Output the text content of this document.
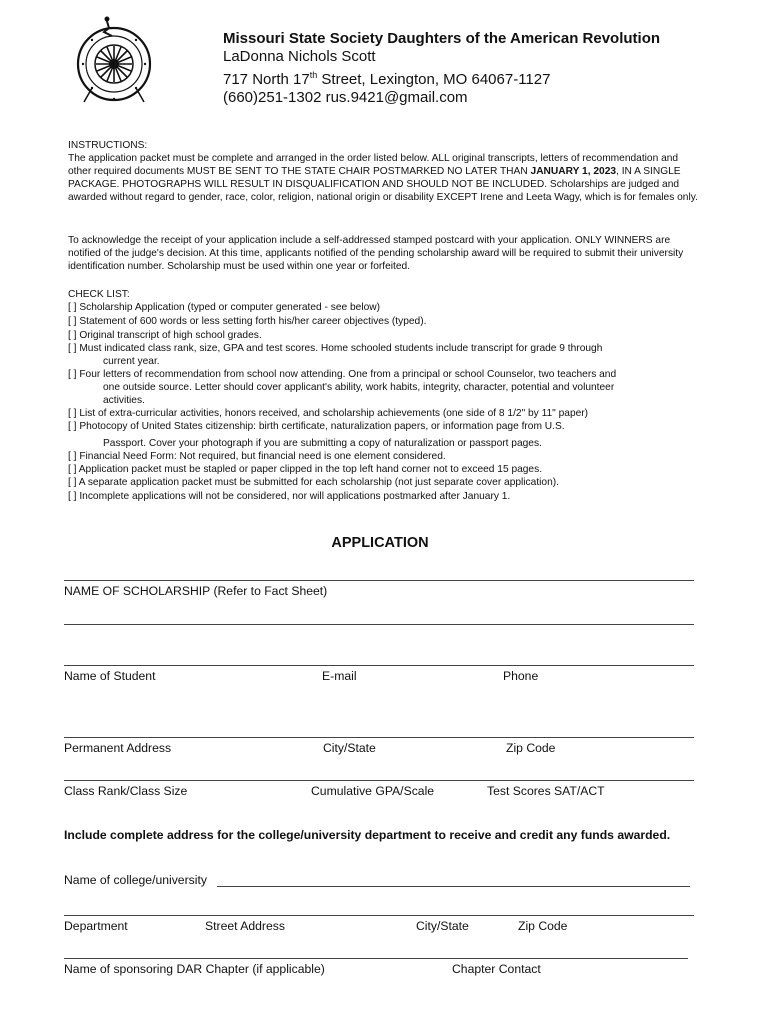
Missouri State Society Daughters of the American Revolution
LaDonna Nichols Scott
717 North 17th Street, Lexington, MO 64067-1127
(660)251-1302 rus.9421@gmail.com
INSTRUCTIONS:
The application packet must be complete and arranged in the order listed below. ALL original transcripts, letters of recommendation and other required documents MUST BE SENT TO THE STATE CHAIR POSTMARKED NO LATER THAN JANUARY 1, 2023, IN A SINGLE PACKAGE. PHOTOGRAPHS WILL RESULT IN DISQUALIFICATION AND SHOULD NOT BE INCLUDED. Scholarships are judged and awarded without regard to gender, race, color, religion, national origin or disability EXCEPT Irene and Leeta Wagy, which is for females only.
To acknowledge the receipt of your application include a self-addressed stamped postcard with your application. ONLY WINNERS are notified of the judge's decision. At this time, applicants notified of the pending scholarship award will be required to submit their university identification number. Scholarship must be used within one year or forfeited.
CHECK LIST:
[ ] Scholarship Application (typed or computer generated - see below)
[ ] Statement of 600 words or less setting forth his/her career objectives (typed).
[ ] Original transcript of high school grades.
[ ] Must indicated class rank, size, GPA and test scores. Home schooled students include transcript for grade 9 through
current year.
[ ] Four letters of recommendation from school now attending. One from a principal or school Counselor, two teachers and
one outside source. Letter should cover applicant's ability, work habits, integrity, character, potential and volunteer
activities.
[ ] List of extra-curricular activities, honors received, and scholarship achievements (one side of 8 1/2" by 11" paper)
[ ] Photocopy of United States citizenship: birth certificate, naturalization papers, or information page from U.S.
Passport. Cover your photograph if you are submitting a copy of naturalization or passport pages.
[ ] Financial Need Form: Not required, but financial need is one element considered.
[ ] Application packet must be stapled or paper clipped in the top left hand corner not to exceed 15 pages.
[ ] A separate application packet must be submitted for each scholarship (not just separate cover application).
[ ] Incomplete applications will not be considered, nor will applications postmarked after January 1.
APPLICATION
NAME OF SCHOLARSHIP (Refer to Fact Sheet)
Name of Student	E-mail	Phone
Permanent Address	City/State	Zip Code
Class Rank/Class Size	Cumulative GPA/Scale	Test Scores SAT/ACT
Include complete address for the college/university department to receive and credit any funds awarded.
Name of college/university
Department	Street Address	City/State	Zip Code
Name of sponsoring DAR Chapter (if applicable)	Chapter Contact
